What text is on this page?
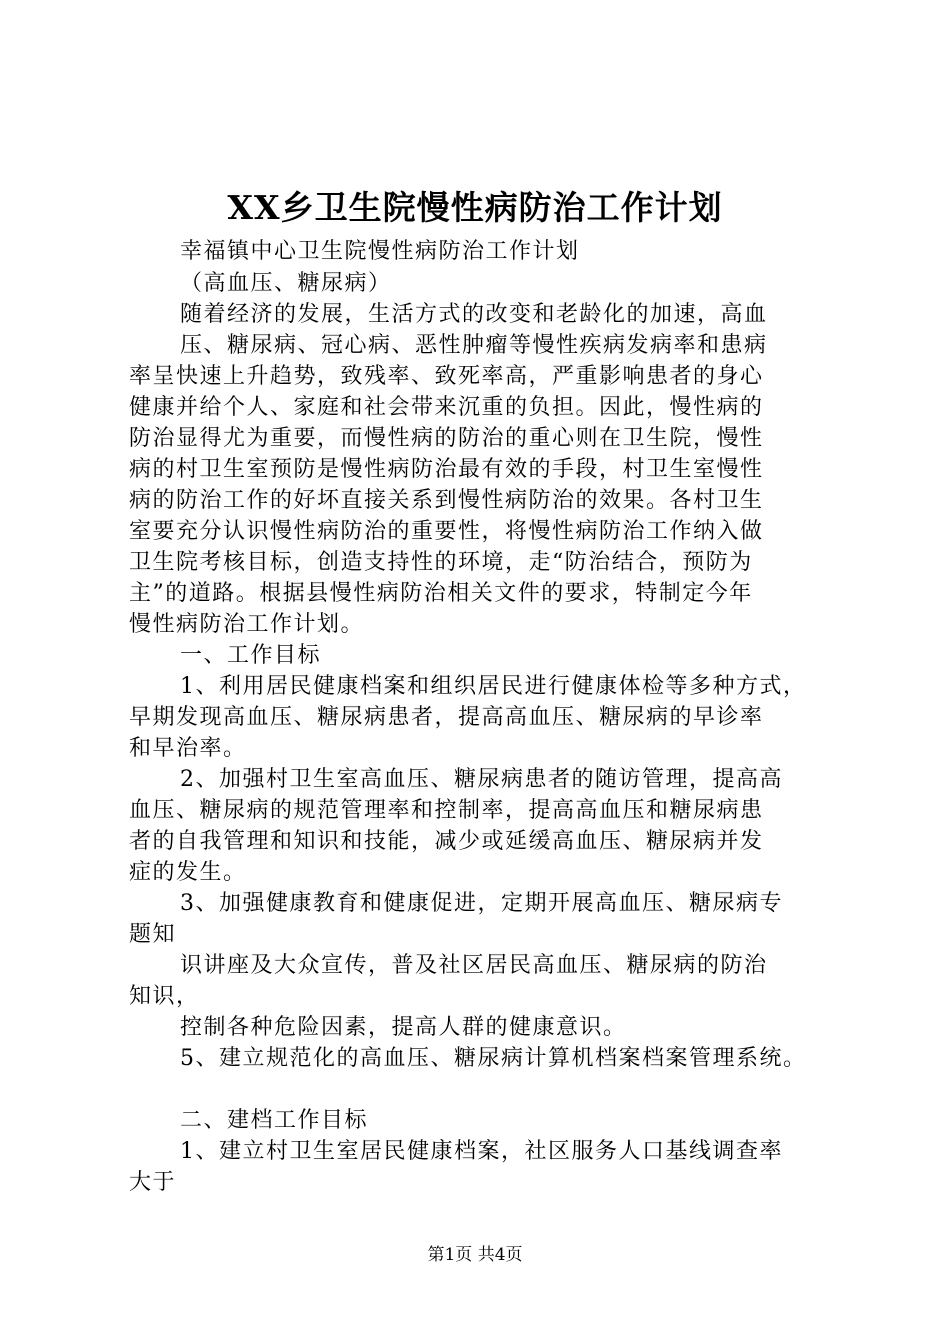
XX乡卫生院慢性病防治工作计划
幸福镇中心卫生院慢性病防治工作计划
（高血压、糖尿病）
随着经济的发展，生活方式的改变和老龄化的加速，高血
压、糖尿病、冠心病、恶性肿瘤等慢性疾病发病率和患病
率呈快速上升趋势，致残率、致死率高，严重影响患者的身心
健康并给个人、家庭和社会带来沉重的负担。因此，慢性病的
防治显得尤为重要，而慢性病的防治的重心则在卫生院，慢性
病的村卫生室预防是慢性病防治最有效的手段，村卫生室慢性
病的防治工作的好坏直接关系到慢性病防治的效果。各村卫生
室要充分认识慢性病防治的重要性，将慢性病防治工作纳入做
卫生院考核目标，创造支持性的环境，走“防治结合，预防为
主”的道路。根据县慢性病防治相关文件的要求，特制定今年
慢性病防治工作计划。
一、工作目标
1、利用居民健康档案和组织居民进行健康体检等多种方式，
早期发现高血压、糖尿病患者，提高高血压、糖尿病的早诊率
和早治率。
2、加强村卫生室高血压、糖尿病患者的随访管理，提高高
血压、糖尿病的规范管理率和控制率，提高高血压和糖尿病患
者的自我管理和知识和技能，减少或延缓高血压、糖尿病并发
症的发生。
3、加强健康教育和健康促进，定期开展高血压、糖尿病专
题知
识讲座及大众宣传，普及社区居民高血压、糖尿病的防治
知识，
控制各种危险因素，提高人群的健康意识。
5、建立规范化的高血压、糖尿病计算机档案档案管理系统。
二、建档工作目标
1、建立村卫生室居民健康档案，社区服务人口基线调查率
大于
第1页 共4页
